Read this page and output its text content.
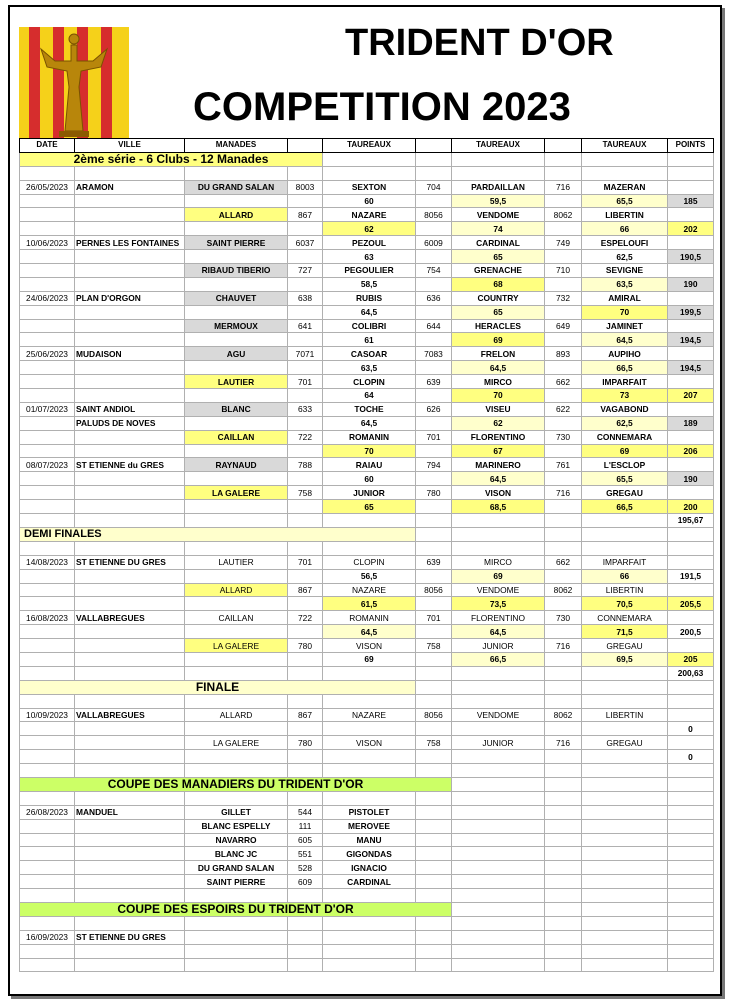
TRIDENT D'OR
COMPETITION 2023
DATE	VILLE	MANADES		TAUREAUX		TAUREAUX		TAUREAUX	POINTS
2ème série - 6 Clubs - 12 Manades									

26/05/2023	ARAMON	DU GRAND SALAN	8003	SEXTON	704	PARDAILLAN	716	MAZERAN	
				60		59,5		65,5	185
		ALLARD	867	NAZARE	8056	VENDOME	8062	LIBERTIN	
				62		74		66	202
10/06/2023	PERNES LES FONTAINES	SAINT PIERRE	6037	PEZOUL	6009	CARDINAL	749	ESPELOUFI	
				63		65		62,5	190,5
		RIBAUD TIBERIO	727	PEGOULIER	754	GRENACHE	710	SEVIGNE	
				58,5		68		63,5	190
24/06/2023	PLAN D'ORGON	CHAUVET	638	RUBIS	636	COUNTRY	732	AMIRAL	
				64,5		65		70	199,5
		MERMOUX	641	COLIBRI	644	HERACLES	649	JAMINET	
				61		69		64,5	194,5
25/06/2023	MUDAISON	AGU	7071	CASOAR	7083	FRELON	893	AUPIHO	
				63,5		64,5		66,5	194,5
		LAUTIER	701	CLOPIN	639	MIRCO	662	IMPARFAIT	
				64		70		73	207
01/07/2023	SAINT ANDIOL	BLANC	633	TOCHE	626	VISEU	622	VAGABOND	
	PALUDS DE NOVES			64,5		62		62,5	189
		CAILLAN	722	ROMANIN	701	FLORENTINO	730	CONNEMARA	
				70		67		69	206
08/07/2023	ST ETIENNE du GRES	RAYNAUD	788	RAIAU	794	MARINERO	761	L'ESCLOP	
				60		64,5		65,5	190
		LA GALERE	758	JUNIOR	780	VISON	716	GREGAU	
				65		68,5		66,5	200
									195,67
DEMI FINALES									

14/08/2023	ST ETIENNE DU GRES	LAUTIER	701	CLOPIN	639	MIRCO	662	IMPARFAIT	
				56,5		69		66	191,5
		ALLARD	867	NAZARE	8056	VENDOME	8062	LIBERTIN	
				61,5		73,5		70,5	205,5
16/08/2023	VALLABREGUES	CAILLAN	722	ROMANIN	701	FLORENTINO	730	CONNEMARA	
				64,5		64,5		71,5	200,5
		LA GALERE	780	VISON	758	JUNIOR	716	GREGAU	
				69		66,5		69,5	205
									200,63
FINALE									

10/09/2023	VALLABREGUES	ALLARD	867	NAZARE	8056	VENDOME	8062	LIBERTIN	
									0
		LA GALERE	780	VISON	758	JUNIOR	716	GREGAU	
									0

COUPE DES MANADIERS DU TRIDENT D'OR									

26/08/2023	MANDUEL	GILLET	544	PISTOLET					
		BLANC ESPELLY	111	MEROVEE					
		NAVARRO	605	MANU					
		BLANC JC	551	GIGONDAS					
		DU GRAND SALAN	528	IGNACIO					
		SAINT PIERRE	609	CARDINAL					

COUPE DES ESPOIRS DU TRIDENT D'OR									

16/09/2023	ST ETIENNE DU GRES								
